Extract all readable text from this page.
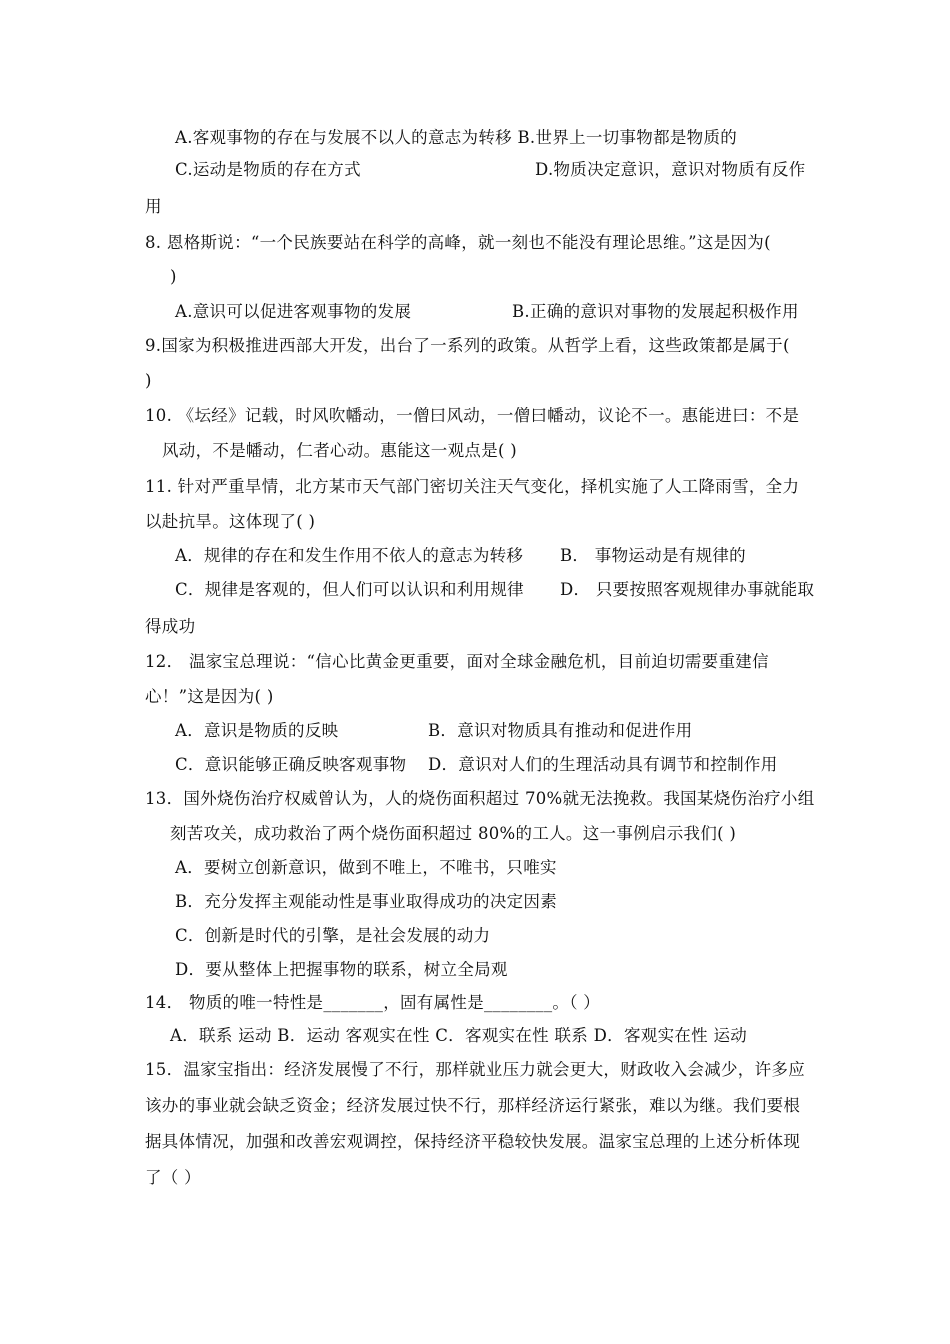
A.客观事物的存在与发展不以人的意志为转移 B.世界上一切事物都是物质的
C.运动是物质的存在方式	D.物质决定意识，意识对物质有反作
用
8. 恩格斯说：“一个民族要站在科学的高峰，就一刻也不能没有理论思维。”这是因为(
)
A.意识可以促进客观事物的发展	B.正确的意识对事物的发展起积极作用
9.国家为积极推进西部大开发，出台了一系列的政策。从哲学上看，这些政策都是属于(
)
10. 《坛经》记载，时风吹幡动，一僧曰风动，一僧曰幡动，议论不一。惠能进曰：不是
风动，不是幡动，仁者心动。惠能这一观点是( )
11. 针对严重旱情，北方某市天气部门密切关注天气变化，择机实施了人工降雨雪，全力
以赴抗旱。这体现了( )
A．规律的存在和发生作用不依人的意志为转移 B． 事物运动是有规律的
C．规律是客观的，但人们可以认识和利用规律 D． 只要按照客观规律办事就能取
得成功
12． 温家宝总理说：“信心比黄金更重要，面对全球金融危机，目前迫切需要重建信
心！”这是因为( )
A．意识是物质的反映	B．意识对物质具有推动和促进作用
C．意识能够正确反映客观事物 D．意识对人们的生理活动具有调节和控制作用
13．国外烧伤治疗权威曾认为，人的烧伤面积超过 70%就无法挽救。我国某烧伤治疗小组
刻苦攻关，成功救治了两个烧伤面积超过 80%的工人。这一事例启示我们( )
A．要树立创新意识，做到不唯上，不唯书，只唯实
B．充分发挥主观能动性是事业取得成功的决定因素
C．创新是时代的引擎，是社会发展的动力
D．要从整体上把握事物的联系，树立全局观
14． 物质的唯一特性是_______，固有属性是________。（ ）
A．联系 运动 B．运动 客观实在性 C．客观实在性 联系 D．客观实在性 运动
15．温家宝指出：经济发展慢了不行，那样就业压力就会更大，财政收入会减少，许多应
该办的事业就会缺乏资金；经济发展过快不行，那样经济运行紧张，难以为继。我们要根
据具体情况，加强和改善宏观调控，保持经济平稳较快发展。温家宝总理的上述分析体现
了（ ）
